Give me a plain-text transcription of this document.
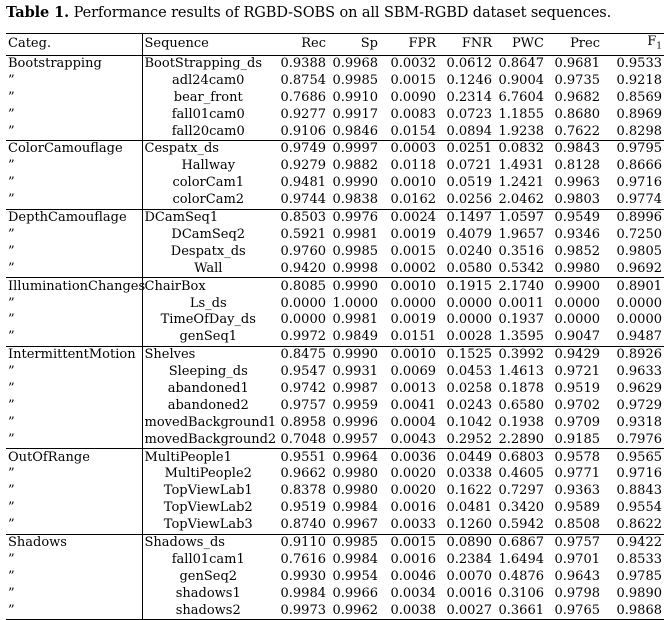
Table 1. Performance results of RGBD-SOBS on all SBM-RGBD dataset sequences.
Categ.	Sequence	Rec	Sp	FPR	FNR	PWC	Prec	$F_1$
Bootstrapping	BootStrapping_ds	0.9388	0.9968	0.0032	0.0612	0.8647	0.9681	0.9533
”	adl24cam0	0.8754	0.9985	0.0015	0.1246	0.9004	0.9735	0.9218
”	bear_front	0.7686	0.9910	0.0090	0.2314	6.7604	0.9682	0.8569
”	fall01cam0	0.9277	0.9917	0.0083	0.0723	1.1855	0.8680	0.8969
”	fall20cam0	0.9106	0.9846	0.0154	0.0894	1.9238	0.7622	0.8298
ColorCamouflage	Cespatx_ds	0.9749	0.9997	0.0003	0.0251	0.0832	0.9843	0.9795
”	Hallway	0.9279	0.9882	0.0118	0.0721	1.4931	0.8128	0.8666
”	colorCam1	0.9481	0.9990	0.0010	0.0519	1.2421	0.9963	0.9716
”	colorCam2	0.9744	0.9838	0.0162	0.0256	2.0462	0.9803	0.9774
DepthCamouflage	DCamSeq1	0.8503	0.9976	0.0024	0.1497	1.0597	0.9549	0.8996
”	DCamSeq2	0.5921	0.9981	0.0019	0.4079	1.9657	0.9346	0.7250
”	Despatx_ds	0.9760	0.9985	0.0015	0.0240	0.3516	0.9852	0.9805
”	Wall	0.9420	0.9998	0.0002	0.0580	0.5342	0.9980	0.9692
IlluminationChanges	ChairBox	0.8085	0.9990	0.0010	0.1915	2.1740	0.9900	0.8901
”	Ls_ds	0.0000	1.0000	0.0000	0.0000	0.0011	0.0000	0.0000
”	TimeOfDay_ds	0.0000	0.9981	0.0019	0.0000	0.1937	0.0000	0.0000
”	genSeq1	0.9972	0.9849	0.0151	0.0028	1.3595	0.9047	0.9487
IntermittentMotion	Shelves	0.8475	0.9990	0.0010	0.1525	0.3992	0.9429	0.8926
”	Sleeping_ds	0.9547	0.9931	0.0069	0.0453	1.4613	0.9721	0.9633
”	abandoned1	0.9742	0.9987	0.0013	0.0258	0.1878	0.9519	0.9629
”	abandoned2	0.9757	0.9959	0.0041	0.0243	0.6580	0.9702	0.9729
”	movedBackground1	0.8958	0.9996	0.0004	0.1042	0.1938	0.9709	0.9318
”	movedBackground2	0.7048	0.9957	0.0043	0.2952	2.2890	0.9185	0.7976
OutOfRange	MultiPeople1	0.9551	0.9964	0.0036	0.0449	0.6803	0.9578	0.9565
”	MultiPeople2	0.9662	0.9980	0.0020	0.0338	0.4605	0.9771	0.9716
”	TopViewLab1	0.8378	0.9980	0.0020	0.1622	0.7297	0.9363	0.8843
”	TopViewLab2	0.9519	0.9984	0.0016	0.0481	0.3420	0.9589	0.9554
”	TopViewLab3	0.8740	0.9967	0.0033	0.1260	0.5942	0.8508	0.8622
Shadows	Shadows_ds	0.9110	0.9985	0.0015	0.0890	0.6867	0.9757	0.9422
”	fall01cam1	0.7616	0.9984	0.0016	0.2384	1.6494	0.9701	0.8533
”	genSeq2	0.9930	0.9954	0.0046	0.0070	0.4876	0.9643	0.9785
”	shadows1	0.9984	0.9966	0.0034	0.0016	0.3106	0.9798	0.9890
”	shadows2	0.9973	0.9962	0.0038	0.0027	0.3661	0.9765	0.9868
